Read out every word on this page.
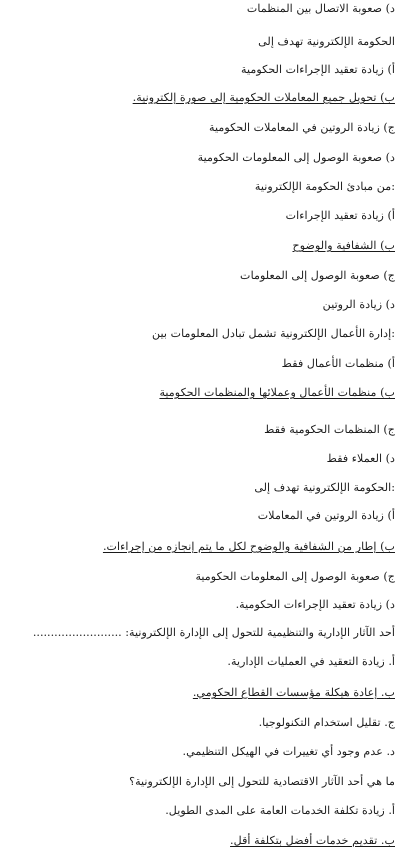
د) صعوبة الاتصال بين المنظمات
الحكومة الإلكترونية تهدف إلى
أ) زيادة تعقيد الإجراءات الحكومية
ب) تحويل جميع المعاملات الحكومية إلى صورة إلكترونية.
ج) زيادة الروتين في المعاملات الحكومية
د) صعوبة الوصول إلى المعلومات الحكومية
:من مبادئ الحكومة الإلكترونية
أ) زيادة تعقيد الإجراءات
ب) الشفافية والوضوح
ج) صعوبة الوصول إلى المعلومات
د) زيادة الروتين
:إدارة الأعمال الإلكترونية تشمل تبادل المعلومات بين
أ) منظمات الأعمال فقط
ب) منظمات الأعمال وعملائها والمنظمات الحكومية
ج) المنظمات الحكومية فقط
د) العملاء فقط
:الحكومة الإلكترونية تهدف إلى
أ) زيادة الروتين في المعاملات
ب) إطار من الشفافية والوضوح لكل ما يتم إنجازه من إجراءات.
ج) صعوبة الوصول إلى المعلومات الحكومية
د) زيادة تعقيد الإجراءات الحكومية.
أحد الآثار الإدارية والتنظيمية للتحول إلى الإدارة الإلكترونية: .........................
أ. زيادة التعقيد في العمليات الإدارية.
ب. إعادة هيكلة مؤسسات القطاع الحكومي.
ج. تقليل استخدام التكنولوجيا.
د. عدم وجود أي تغييرات في الهيكل التنظيمي.
ما هي أحد الآثار الاقتصادية للتحول إلى الإدارة الإلكترونية؟
أ. زيادة تكلفة الخدمات العامة على المدى الطويل.
ب. تقديم خدمات أفضل بتكلفة أقل.
